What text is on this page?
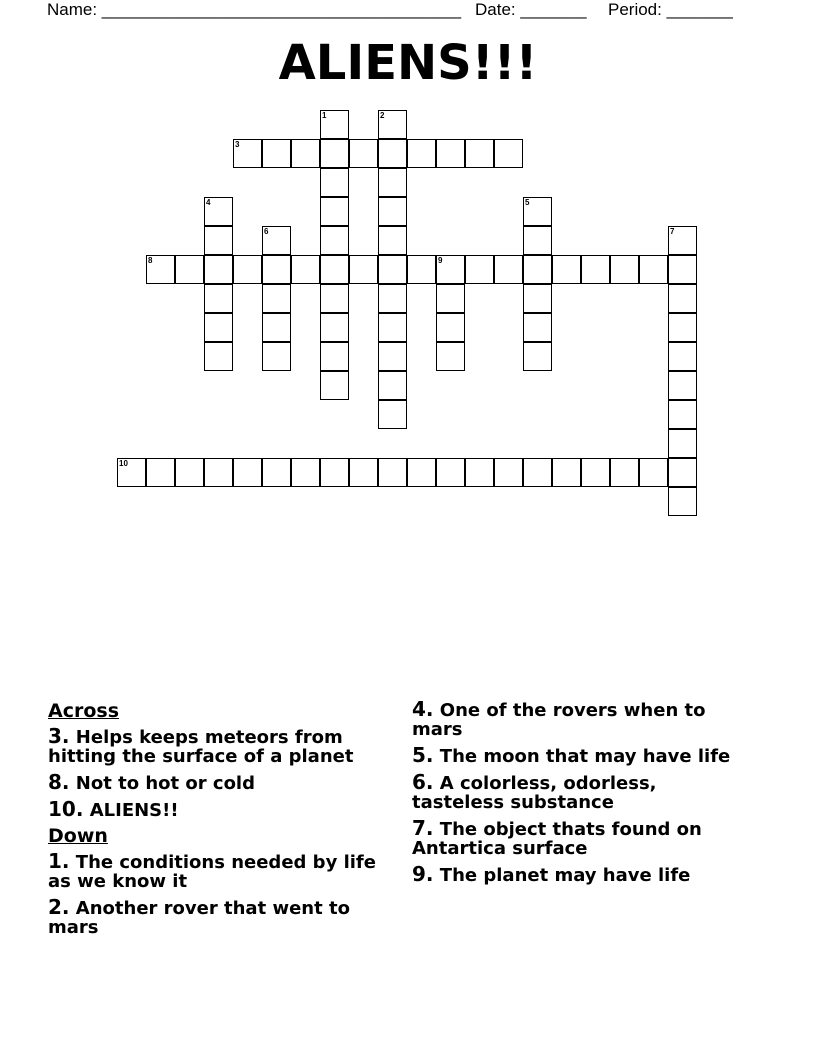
Name: ______________________________________ Date: _______ Period: _______
ALIENS!!!
1	2
3
4	5
6	7
8	9
10
Across
3. Helps keeps meteors from hitting the surface of a planet
8. Not to hot or cold
10. ALIENS!!
Down
1. The conditions needed by life as we know it
2. Another rover that went to mars
4. One of the rovers when to mars
5. The moon that may have life
6. A colorless, odorless, tasteless substance
7. The object thats found on Antartica surface
9. The planet may have life
